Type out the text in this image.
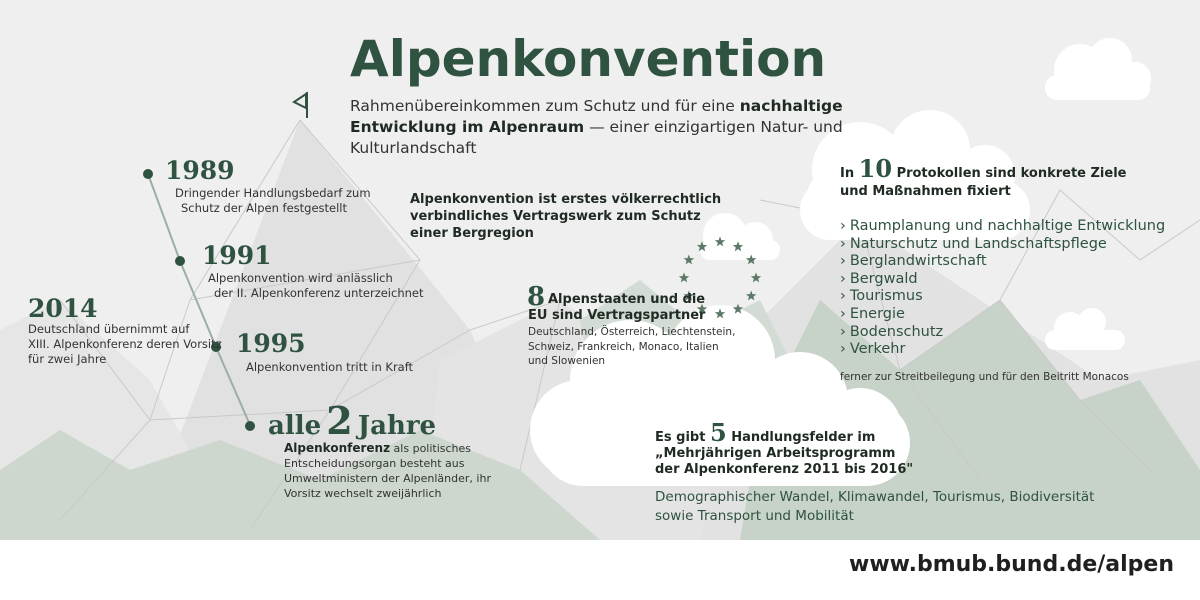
Alpenkonvention
Rahmenübereinkommen zum Schutz und für eine nachhaltige Entwicklung im Alpenraum — einer einzigartigen Natur- und Kulturlandschaft
1989
Dringender Handlungsbedarf zum
Schutz der Alpen festgestellt
1991
Alpenkonvention wird anlässlich
der II. Alpenkonferenz unterzeichnet
1995
Alpenkonvention tritt in Kraft
2014
Deutschland übernimmt auf
XIII. Alpenkonferenz deren Vorsitz
für zwei Jahre
alle 2 Jahre
Alpenkonferenz als politisches
Entscheidungsorgan besteht aus
Umweltministern der Alpenländer, ihr
Vorsitz wechselt zweijährlich
Alpenkonvention ist erstes völkerrechtlich
verbindliches Vertragswerk zum Schutz
einer Bergregion
8 Alpenstaaten und die
EU sind Vertragspartner
Deutschland, Österreich, Liechtenstein,
Schweiz, Frankreich, Monaco, Italien
und Slowenien
In 10 Protokollen sind konkrete Ziele
und Maßnahmen fixiert
› Raumplanung und nachhaltige Entwicklung
› Naturschutz und Landschaftspflege
› Berglandwirtschaft
› Bergwald
› Tourismus
› Energie
› Bodenschutz
› Verkehr
ferner zur Streitbeilegung und für den Beitritt Monacos
Es gibt 5 Handlungsfelder im
„Mehrjährigen Arbeitsprogramm
der Alpenkonferenz 2011 bis 2016"
Demographischer Wandel, Klimawandel, Tourismus, Biodiversität
sowie Transport und Mobilität
www.bmub.bund.de/alpen
